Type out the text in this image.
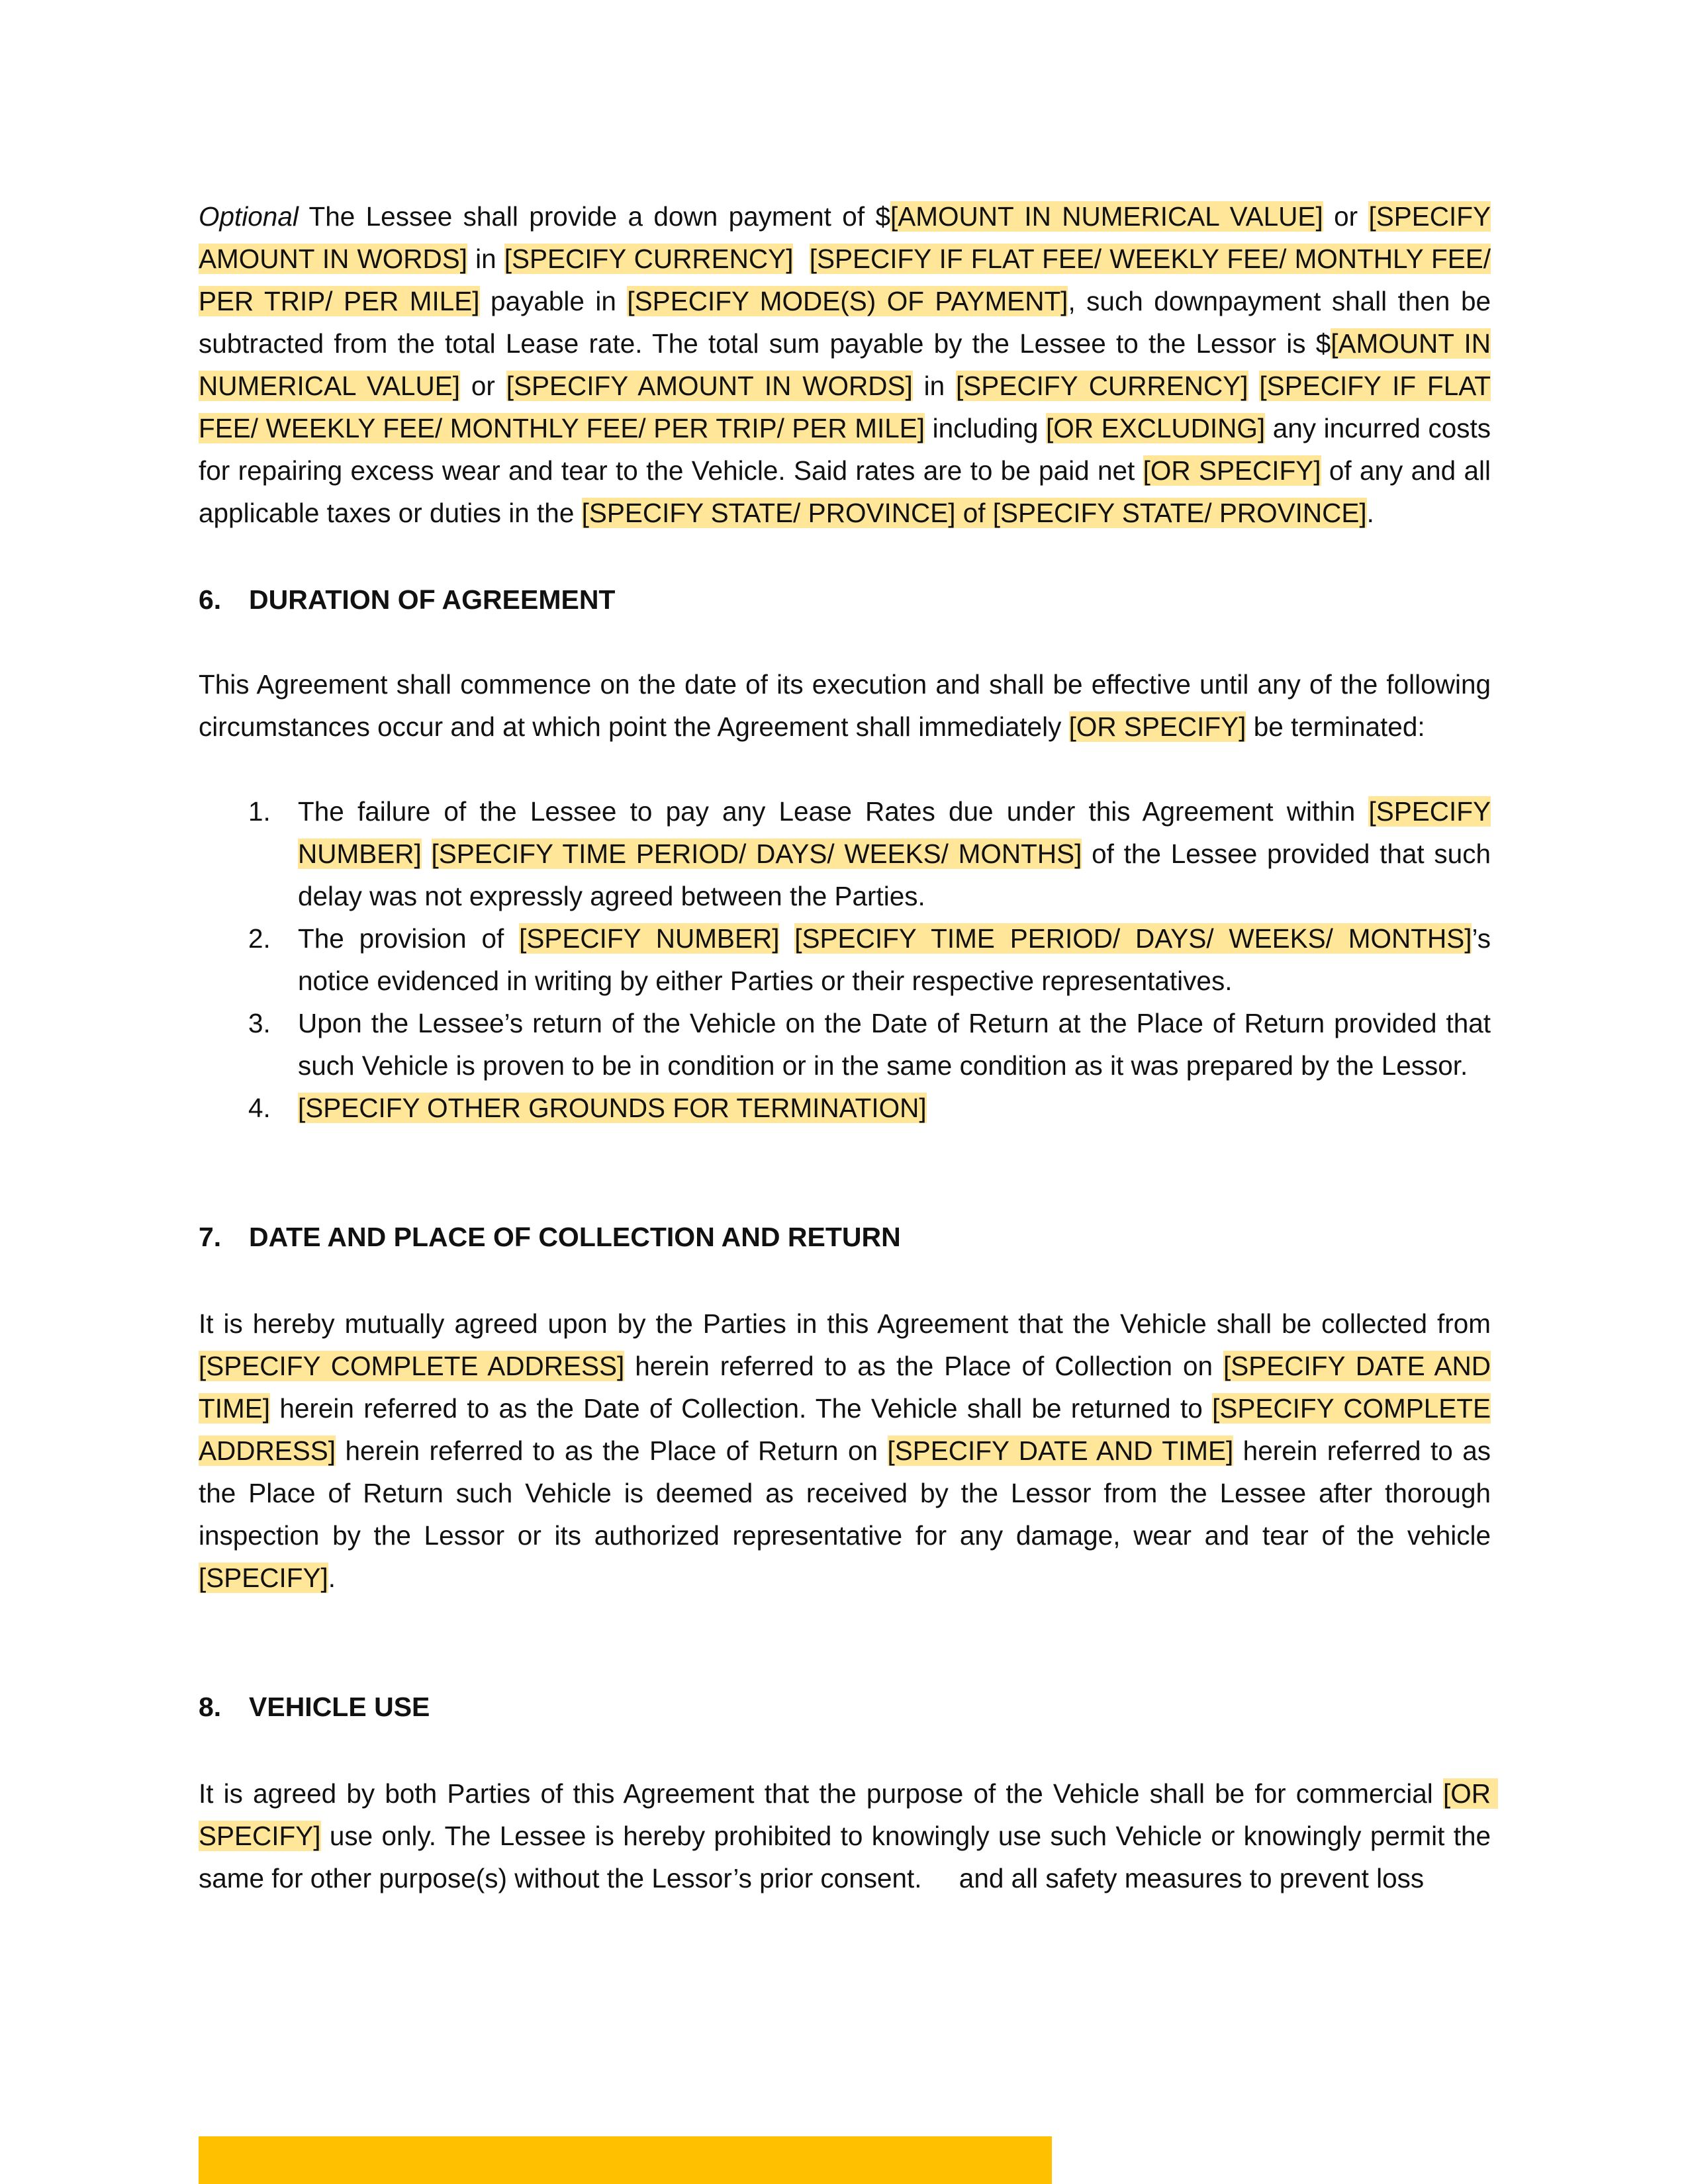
Optional The Lessee shall provide a down payment of $[AMOUNT IN NUMERICAL VALUE] or [SPECIFY AMOUNT IN WORDS] in [SPECIFY CURRENCY] [SPECIFY IF FLAT FEE/ WEEKLY FEE/ MONTHLY FEE/ PER TRIP/ PER MILE] payable in [SPECIFY MODE(S) OF PAYMENT], such downpayment shall then be subtracted from the total Lease rate. The total sum payable by the Lessee to the Lessor is $[AMOUNT IN NUMERICAL VALUE] or [SPECIFY AMOUNT IN WORDS] in [SPECIFY CURRENCY] [SPECIFY IF FLAT FEE/ WEEKLY FEE/ MONTHLY FEE/ PER TRIP/ PER MILE] including [OR EXCLUDING] any incurred costs for repairing excess wear and tear to the Vehicle. Said rates are to be paid net [OR SPECIFY] of any and all applicable taxes or duties in the [SPECIFY STATE/ PROVINCE] of [SPECIFY STATE/ PROVINCE].

6.	DURATION OF AGREEMENT

This Agreement shall commence on the date of its execution and shall be effective until any of the following circumstances occur and at which point the Agreement shall immediately [OR SPECIFY] be terminated:

1.	The failure of the Lessee to pay any Lease Rates due under this Agreement within [SPECIFY NUMBER] [SPECIFY TIME PERIOD/ DAYS/ WEEKS/ MONTHS] of the Lessee provided that such delay was not expressly agreed between the Parties.
2.	The provision of [SPECIFY NUMBER] [SPECIFY TIME PERIOD/ DAYS/ WEEKS/ MONTHS]’s notice evidenced in writing by either Parties or their respective representatives.
3.	Upon the Lessee’s return of the Vehicle on the Date of Return at the Place of Return provided that such Vehicle is proven to be in condition or in the same condition as it was prepared by the Lessor.
4.	[SPECIFY OTHER GROUNDS FOR TERMINATION]
7.	DATE AND PLACE OF COLLECTION AND RETURN

It is hereby mutually agreed upon by the Parties in this Agreement that the Vehicle shall be collected from [SPECIFY COMPLETE ADDRESS] herein referred to as the Place of Collection on [SPECIFY DATE AND TIME] herein referred to as the Date of Collection. The Vehicle shall be returned to [SPECIFY COMPLETE ADDRESS] herein referred to as the Place of Return on [SPECIFY DATE AND TIME] herein referred to as the Place of Return such Vehicle is deemed as received by the Lessor from the Lessee after thorough inspection by the Lessor or its authorized representative for any damage, wear and tear of the vehicle [SPECIFY].

8.	VEHICLE USE

It is agreed by both Parties of this Agreement that the purpose of the Vehicle shall be for commercial [OR SPECIFY] use only. The Lessee is hereby prohibited to knowingly use such Vehicle or knowingly permit the same for other purpose(s) without the Lessor’s prior consent.     and all safety measures to prevent loss
